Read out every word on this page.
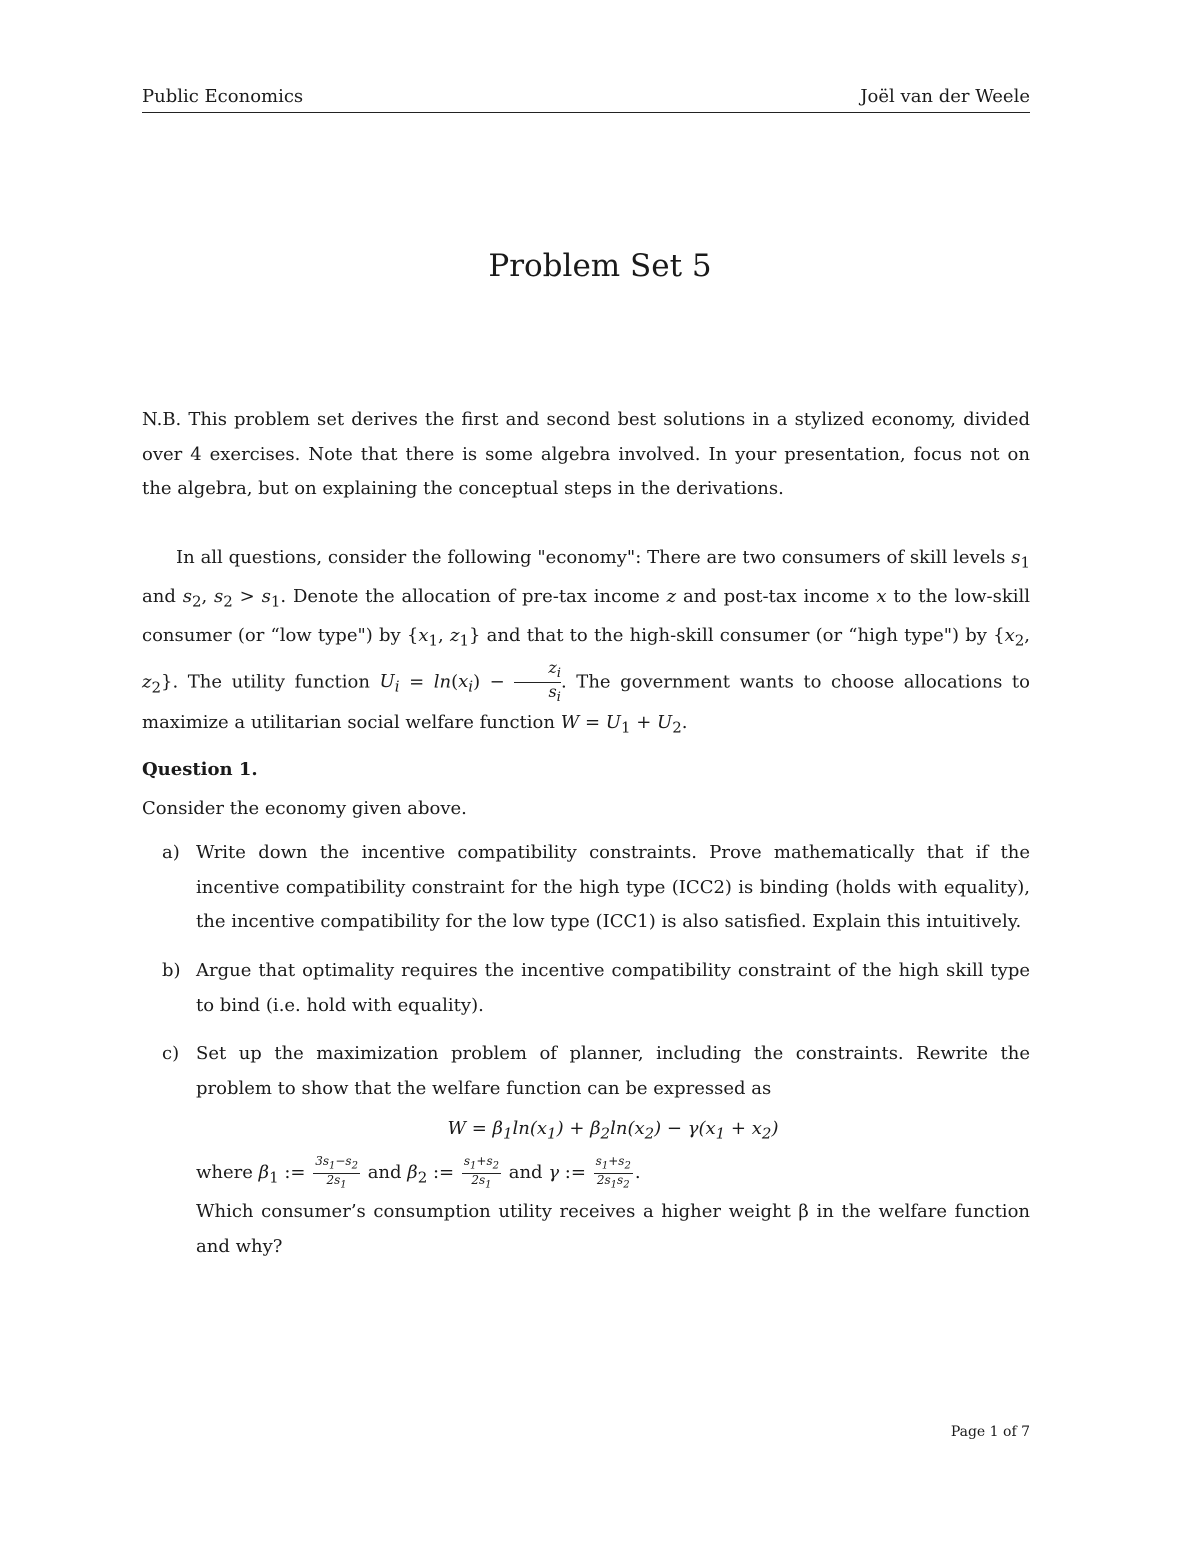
Public Economics	Joël van der Weele
Problem Set 5

N.B. This problem set derives the first and second best solutions in a stylized economy, divided over 4 exercises. Note that there is some algebra involved. In your presentation, focus not on the algebra, but on explaining the conceptual steps in the derivations.

In all questions, consider the following "economy": There are two consumers of skill levels $s_1$ and $s_2$, $s_2 > s_1$. Denote the allocation of pre-tax income z and post-tax income x to the low-skill consumer (or “low type") by {$x_1$, $z_1$} and that to the high-skill consumer (or “high type") by {$x_2$, $z_2$}. The utility function $U_i = \ln(x_i) - \frac{z_i}{s_i}$ . The government wants to choose allocations to maximize a utilitarian social welfare function $W = U_1 + U_2$.

Question 1.

Consider the economy given above.

a) Write down the incentive compatibility constraints. Prove mathematically that if the incentive compatibility constraint for the high type (ICC2) is binding (holds with equality), the incentive compatibility for the low type (ICC1) is also satisfied. Explain this intuitively.
b) Argue that optimality requires the incentive compatibility constraint of the high skill type to bind (i.e. hold with equality).
c) Set up the maximization problem of planner, including the constraints. Rewrite the problem to show that the welfare function can be expressed as
$W = \beta_1\ln(x_1) + \beta_2\ln(x_2) - \gamma(x_1 + x_2)$
where $\beta_1$ := $\frac{3s_1-s_2}{2s_1}$ and $\beta_2$ := $\frac{s_1+s_2}{2s_1}$ and γ := $\frac{s_1+s_2}{2s_1s_2}$ .
Which consumer’s consumption utility receives a higher weight β in the welfare function and why?
Page 1 of 7
